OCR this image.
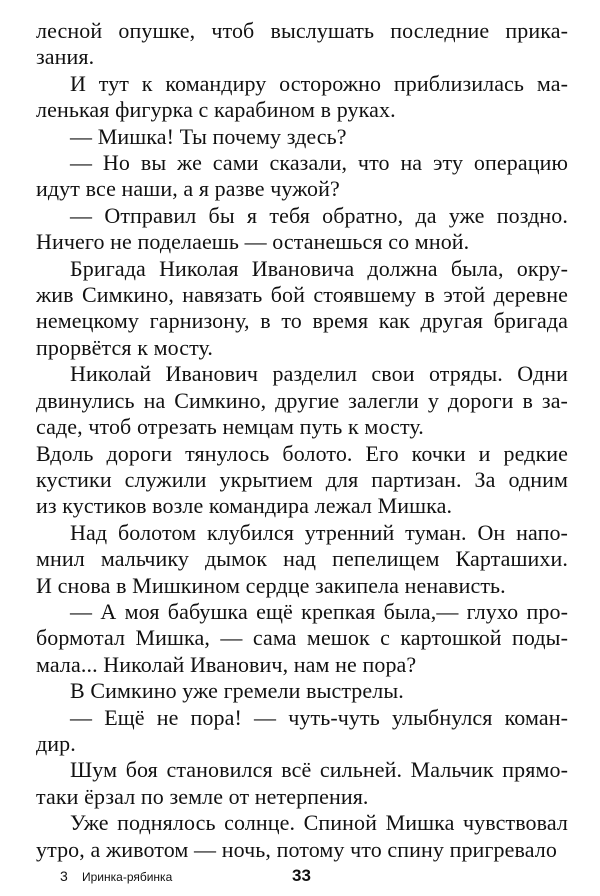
лесной опушке, чтоб выслушать последние прика-
зания.

И тут к командиру осторожно приблизилась ма-
ленькая фигурка с карабином в руках.

— Мишка! Ты почему здесь?

— Но вы же сами сказали, что на эту операцию
идут все наши, а я разве чужой?

— Отправил бы я тебя обратно, да уже поздно.
Ничего не поделаешь — останешься со мной.

Бригада Николая Ивановича должна была, окру-
жив Симкино, навязать бой стоявшему в этой деревне
немецкому гарнизону, в то время как другая бригада
прорвётся к мосту.

Николай Иванович разделил свои отряды. Одни
двинулись на Симкино, другие залегли у дороги в за-
саде, чтоб отрезать немцам путь к мосту.

Вдоль дороги тянулось болото. Его кочки и редкие
кустики служили укрытием для партизан. За одним
из кустиков возле командира лежал Мишка.

Над болотом клубился утренний туман. Он напо-
мнил мальчику дымок над пепелищем Карташихи.
И снова в Мишкином сердце закипела ненависть.

— А моя бабушка ещё крепкая была,— глухо про-
бормотал Мишка, — сама мешок с картошкой поды-
мала... Николай Иванович, нам не пора?

В Симкино уже гремели выстрелы.

— Ещё не пора! — чуть-чуть улыбнулся коман-
дир.

Шум боя становился всё сильней. Мальчик прямо-
таки ёрзал по земле от нетерпения.

Уже поднялось солнце. Спиной Мишка чувствовал
утро, а животом — ночь, потому что спину пригревало

3 Иринка-рябинка	33
